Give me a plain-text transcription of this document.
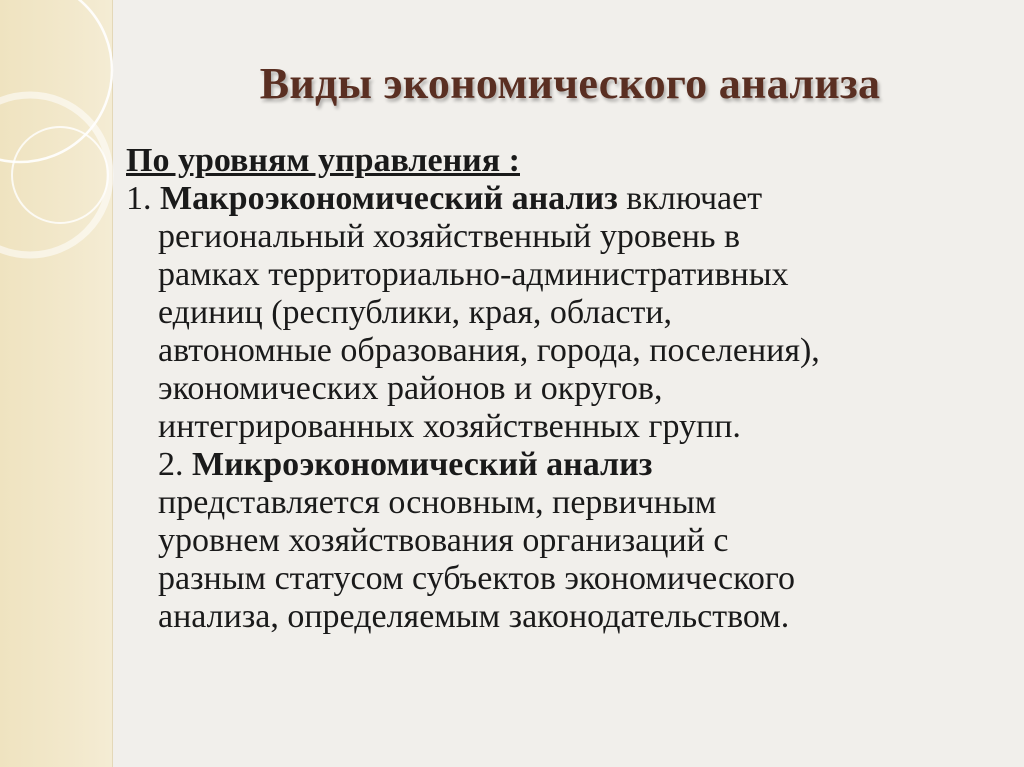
Виды экономического анализа

По уровням управления :

1. Макроэкономический анализ включает
региональный хозяйственный уровень в
рамках территориально-административных
единиц (республики, края, области,
автономные образования, города, поселения),
экономических районов и округов,
интегрированных хозяйственных групп.
2. Микроэкономический анализ
представляется основным, первичным
уровнем хозяйствования организаций с
разным статусом субъектов экономического
анализа, определяемым законодательством.
